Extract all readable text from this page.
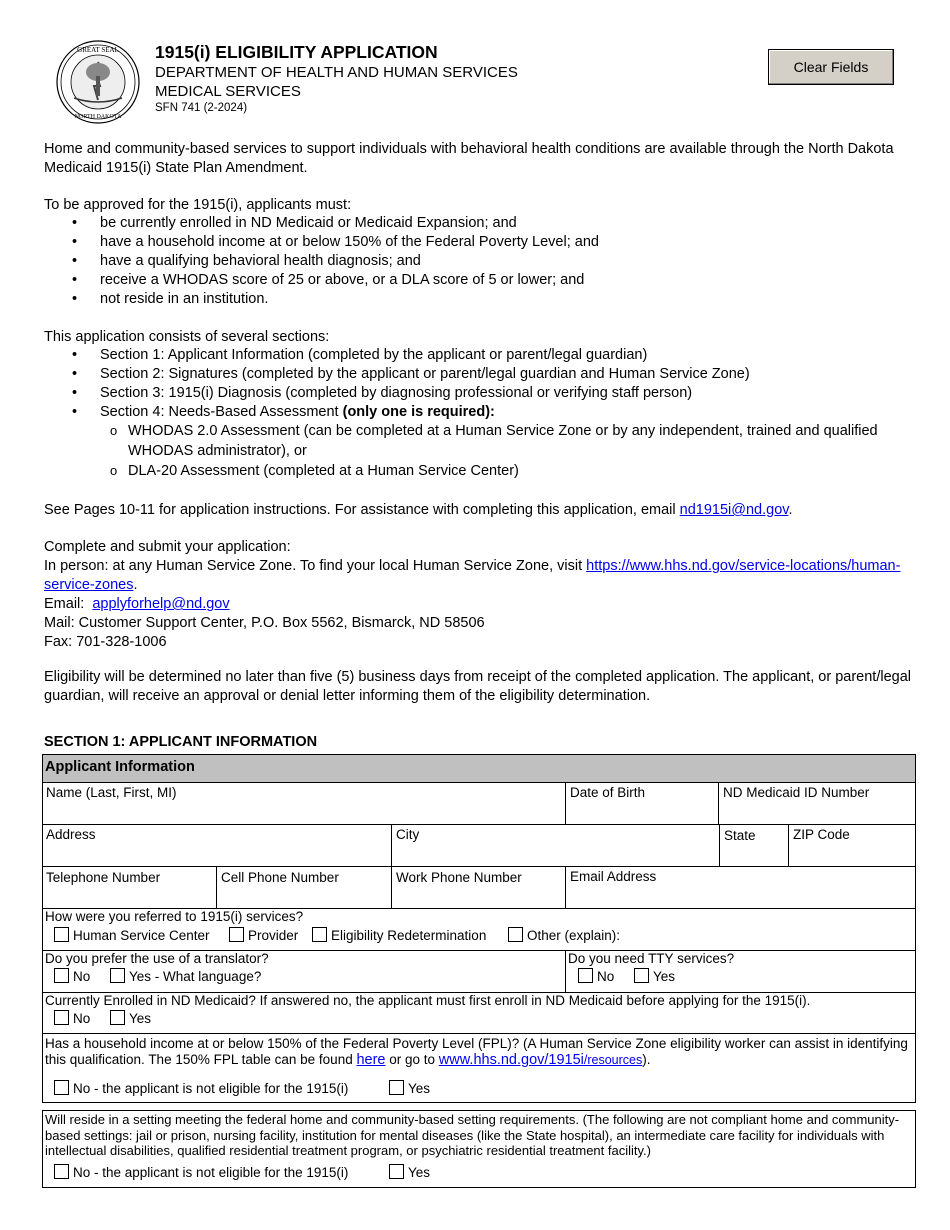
GREAT SEAL
NORTH DAKOTA
1915(i) ELIGIBILITY APPLICATION
DEPARTMENT OF HEALTH AND HUMAN SERVICES
MEDICAL SERVICES
SFN 741 (2-2024)
Clear Fields
Home and community-based services to support individuals with behavioral health conditions are available through the North Dakota Medicaid 1915(i) State Plan Amendment.
To be approved for the 1915(i), applicants must:
• be currently enrolled in ND Medicaid or Medicaid Expansion; and
• have a household income at or below 150% of the Federal Poverty Level; and
• have a qualifying behavioral health diagnosis; and
• receive a WHODAS score of 25 or above, or a DLA score of 5 or lower; and
• not reside in an institution.
This application consists of several sections:
• Section 1: Applicant Information (completed by the applicant or parent/legal guardian)
• Section 2: Signatures (completed by the applicant or parent/legal guardian and Human Service Zone)
• Section 3: 1915(i) Diagnosis (completed by diagnosing professional or verifying staff person)
• Section 4: Needs-Based Assessment (only one is required):
o WHODAS 2.0 Assessment (can be completed at a Human Service Zone or by any independent, trained and qualified WHODAS administrator), or
o DLA-20 Assessment (completed at a Human Service Center)
See Pages 10-11 for application instructions. For assistance with completing this application, email nd1915i@nd.gov.
Complete and submit your application:
In person: at any Human Service Zone. To find your local Human Service Zone, visit https://www.hhs.nd.gov/service-locations/human-service-zones.
Email:  applyforhelp@nd.gov
Mail: Customer Support Center, P.O. Box 5562, Bismarck, ND 58506
Fax: 701-328-1006
Eligibility will be determined no later than five (5) business days from receipt of the completed application. The applicant, or parent/legal guardian, will receive an approval or denial letter informing them of the eligibility determination.
SECTION 1: APPLICANT INFORMATION
Applicant Information
Name (Last, First, MI)	Date of Birth	ND Medicaid ID Number
Address	City	State	ZIP Code
Telephone Number	Cell Phone Number	Work Phone Number	Email Address
How were you referred to 1915(i) services?
Human Service Center	Provider	Eligibility Redetermination	Other (explain):
Do you prefer the use of a translator?
No	Yes - What language?
Do you need TTY services?
No	Yes
Currently Enrolled in ND Medicaid? If answered no, the applicant must first enroll in ND Medicaid before applying for the 1915(i).
No	Yes
Has a household income at or below 150% of the Federal Poverty Level (FPL)? (A Human Service Zone eligibility worker can assist in identifying this qualification. The 150% FPL table can be found here or go to www.hhs.nd.gov/1915i/resources).
No - the applicant is not eligible for the 1915(i)	Yes
Will reside in a setting meeting the federal home and community-based setting requirements. (The following are not compliant home and community-based settings: jail or prison, nursing facility, institution for mental diseases (like the State hospital), an intermediate care facility for individuals with intellectual disabilities, qualified residential treatment program, or psychiatric residential treatment facility.)
No - the applicant is not eligible for the 1915(i)	Yes
